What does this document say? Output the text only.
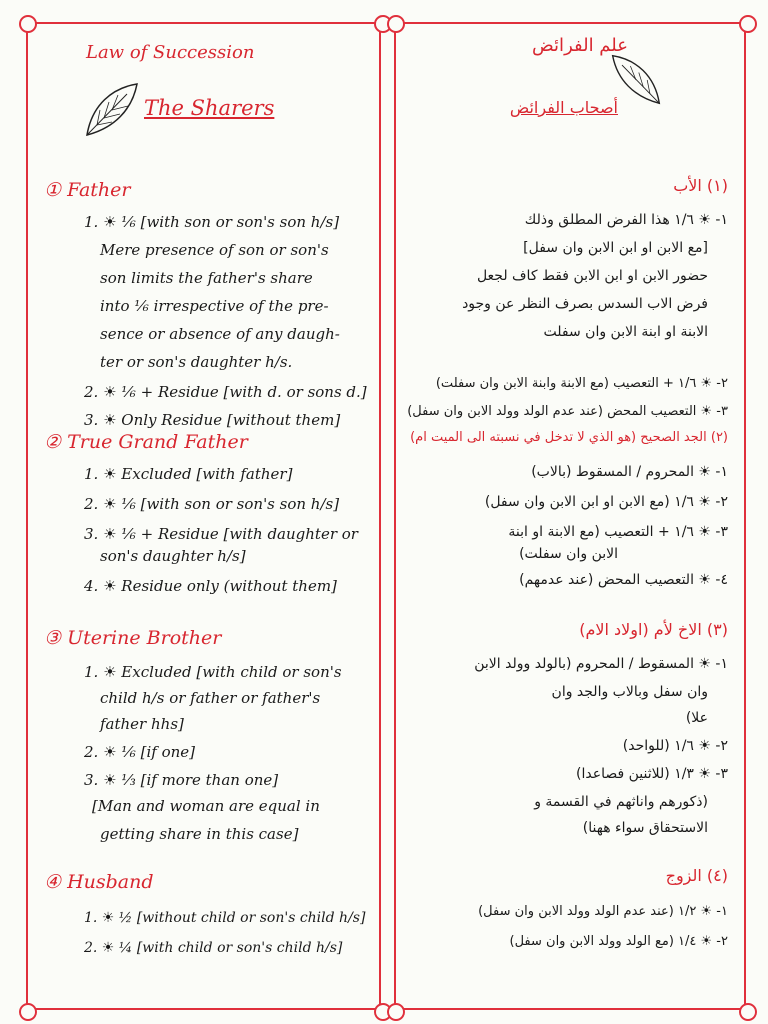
Law of Succession
The Sharers
① Father
1. ☀ ⅙ [with son or son's son h/s]
Mere presence of son or son's
son limits the father's share
into ⅙ irrespective of the pre-
sence or absence of any daugh-
ter or son's daughter h/s.
2. ☀ ⅙ + Residue [with d. or sons d.]
3. ☀ Only Residue [without them]
② True Grand Father
1. ☀ Excluded [with father]
2. ☀ ⅙ [with son or son's son h/s]
3. ☀ ⅙ + Residue [with daughter or
son's daughter h/s]
4. ☀ Residue only (without them]
③ Uterine Brother
1. ☀ Excluded [with child or son's
child h/s or father or father's
father hhs]
2. ☀ ⅙ [if one]
3. ☀ ⅓ [if more than one]
[Man and woman are equal in
getting share in this case]
④ Husband
1. ☀ ½ [without child or son's child h/s]
2. ☀ ¼ [with child or son's child h/s]
علم الفرائض
أصحاب الفرائض
(١) الأب
١- ☀ ١/٦ هذا الفرض المطلق وذلك
[مع الابن او ابن الابن وان سفل]
حضور الابن او ابن الابن فقط كاف لجعل
فرض الاب السدس بصرف النظر عن وجود
الابنة او ابنة الابن وان سفلت
٢- ☀ ١/٦ + التعصيب (مع الابنة وابنة الابن وان سفلت)
٣- ☀ التعصيب المحض (عند عدم الولد وولد الابن وان سفل)
(٢) الجد الصحيح (هو الذي لا تدخل في نسبته الى الميت ام)
١- ☀ المحروم / المسقوط (بالاب)
٢- ☀ ١/٦ (مع الابن او ابن الابن وان سفل)
٣- ☀ ١/٦ + التعصيب (مع الابنة او ابنة
الابن وان سفلت)
٤- ☀ التعصيب المحض (عند عدمهم)
(٣) الاخ لأم (اولاد الام)
١- ☀ المسقوط / المحروم (بالولد وولد الابن
وان سفل وبالاب والجد وان
علا)
٢- ☀ ١/٦ (للواحد)
٣- ☀ ١/٣ (للاثنين فصاعدا)
(ذكورهم واناثهم في القسمة و
الاستحقاق سواء ههنا)
(٤) الزوج
١- ☀ ١/٢ (عند عدم الولد وولد الابن وان سفل)
٢- ☀ ١/٤ (مع الولد وولد الابن وان سفل)
